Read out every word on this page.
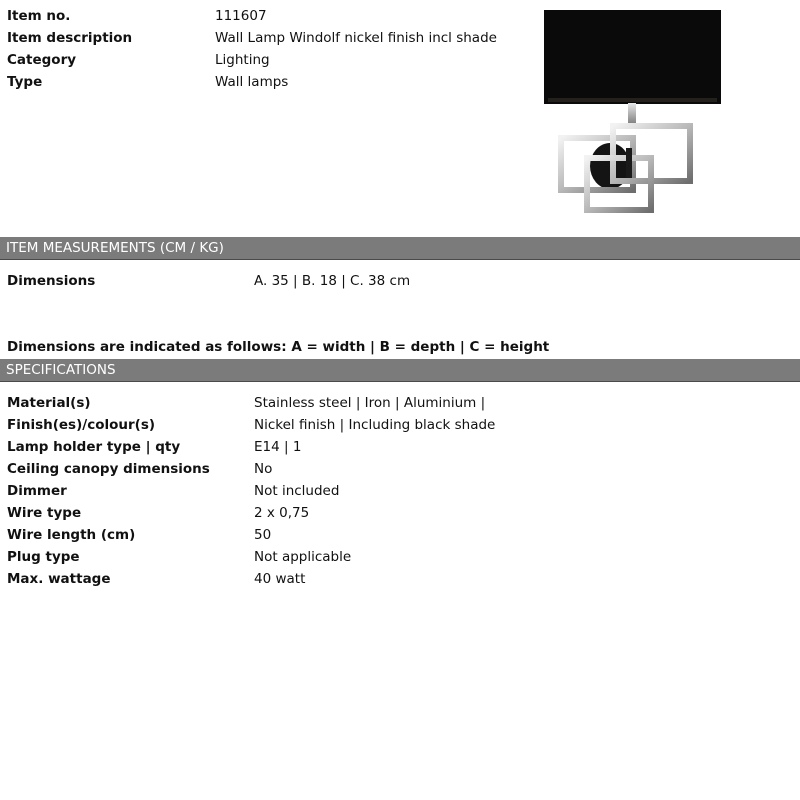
Item no.	111607
Item description	Wall Lamp Windolf nickel finish incl shade
Category	Lighting
Type	Wall lamps
ITEM MEASUREMENTS (CM / KG)
Dimensions	A. 35 | B. 18 | C. 38 cm
Dimensions are indicated as follows: A = width | B = depth | C = height
SPECIFICATIONS
Material(s)	Stainless steel | Iron | Aluminium |
Finish(es)/colour(s)	Nickel finish | Including black shade
Lamp holder type | qty	E14 | 1
Ceiling canopy dimensions	No
Dimmer	Not included
Wire type	2 x 0,75
Wire length (cm)	50
Plug type	Not applicable
Max. wattage	40 watt
